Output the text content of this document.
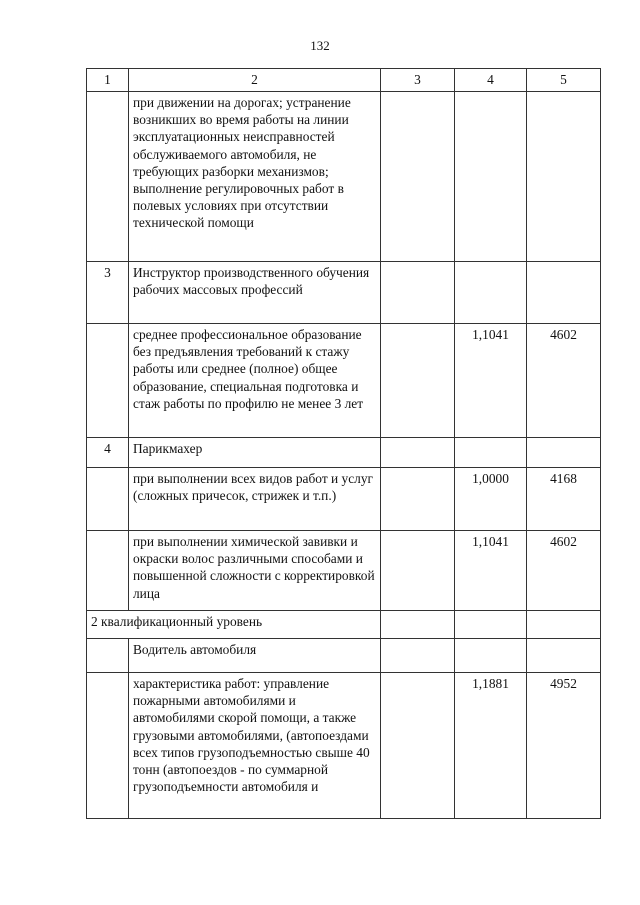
132
1	2	3	4	5
	при движении на дорогах; устранение возникших во время работы на линии эксплуатационных неисправностей обслуживаемого автомобиля, не требующих разборки механизмов; выполнение регулировочных работ в полевых условиях при отсутствии технической помощи			
3	Инструктор производственного обучения рабочих массовых профессий			
	среднее профессиональное образование без предъявления требований к стажу работы или среднее (полное) общее образование, специальная подготовка и стаж работы по профилю не менее 3 лет		1,1041	4602
4	Парикмахер			
	при выполнении всех видов работ и услуг (сложных причесок, стрижек и т.п.)		1,0000	4168
	при выполнении химической завивки и окраски волос различными способами и повышенной сложности с корректировкой лица		1,1041	4602
2 квалификационный уровень				
	Водитель автомобиля			
	характеристика работ: управление пожарными автомобилями и автомобилями скорой помощи, а также грузовыми автомобилями, (автопоездами всех типов грузоподъемностью свыше 40 тонн (автопоездов - по суммарной грузоподъемности автомобиля и		1,1881	4952
